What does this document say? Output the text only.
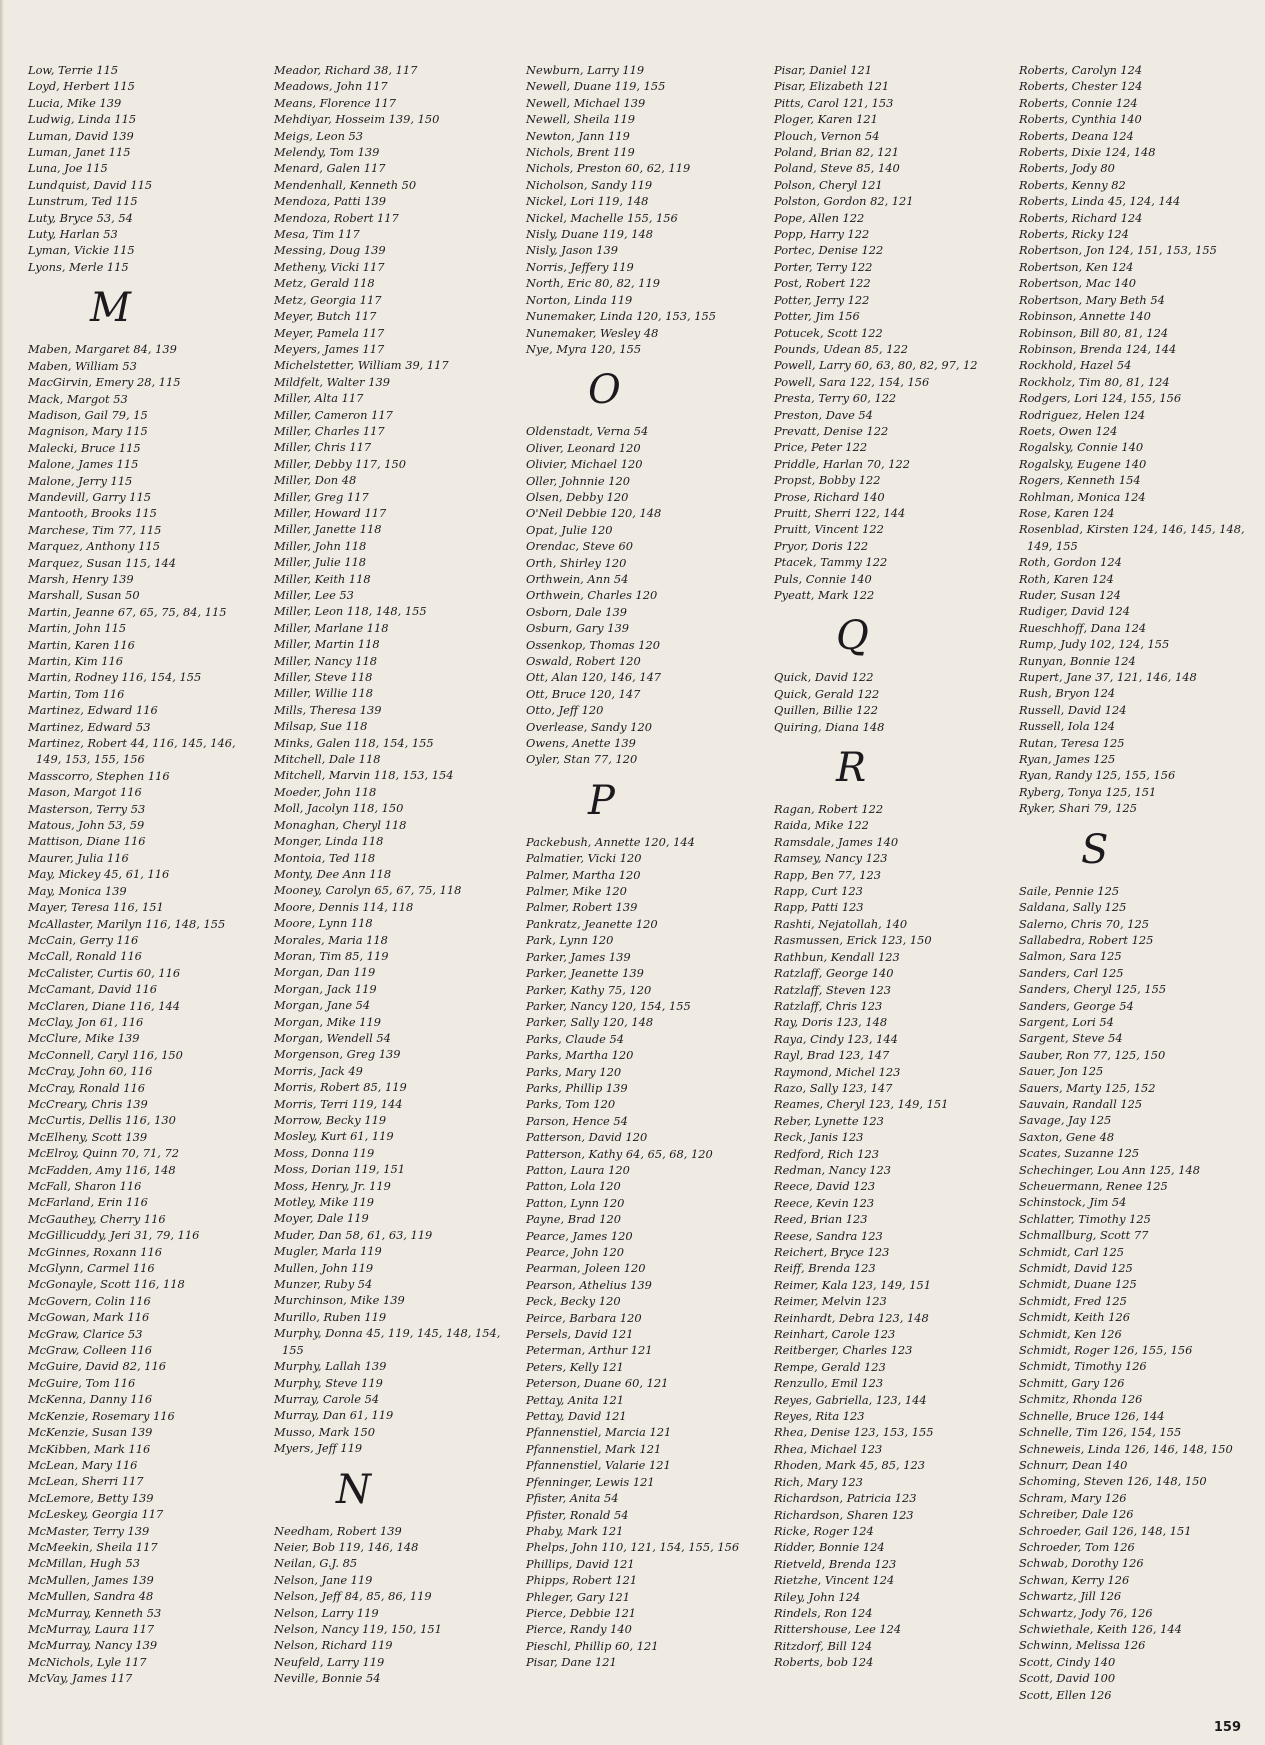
Low, Terrie 115
Loyd, Herbert 115
Lucia, Mike 139
Ludwig, Linda 115
Luman, David 139
Luman, Janet 115
Luna, Joe 115
Lundquist, David 115
Lunstrum, Ted 115
Luty, Bryce 53, 54
Luty, Harlan 53
Lyman, Vickie 115
Lyons, Merle 115
M
Maben, Margaret 84, 139
Maben, William 53
MacGirvin, Emery 28, 115
Mack, Margot 53
Madison, Gail 79, 15
Magnison, Mary 115
Malecki, Bruce 115
Malone, James 115
Malone, Jerry 115
Mandevill, Garry 115
Mantooth, Brooks 115
Marchese, Tim 77, 115
Marquez, Anthony 115
Marquez, Susan 115, 144
Marsh, Henry 139
Marshall, Susan 50
Martin, Jeanne 67, 65, 75, 84, 115
Martin, John 115
Martin, Karen 116
Martin, Kim 116
Martin, Rodney 116, 154, 155
Martin, Tom 116
Martinez, Edward 116
Martinez, Edward 53
Martinez, Robert 44, 116, 145, 146,
149, 153, 155, 156
Masscorro, Stephen 116
Mason, Margot 116
Masterson, Terry 53
Matous, John 53, 59
Mattison, Diane 116
Maurer, Julia 116
May, Mickey 45, 61, 116
May, Monica 139
Mayer, Teresa 116, 151
McAllaster, Marilyn 116, 148, 155
McCain, Gerry 116
McCall, Ronald 116
McCalister, Curtis 60, 116
McCamant, David 116
McClaren, Diane 116, 144
McClay, Jon 61, 116
McClure, Mike 139
McConnell, Caryl 116, 150
McCray, John 60, 116
McCray, Ronald 116
McCreary, Chris 139
McCurtis, Dellis 116, 130
McElheny, Scott 139
McElroy, Quinn 70, 71, 72
McFadden, Amy 116, 148
McFall, Sharon 116
McFarland, Erin 116
McGauthey, Cherry 116
McGillicuddy, Jeri 31, 79, 116
McGinnes, Roxann 116
McGlynn, Carmel 116
McGonayle, Scott 116, 118
McGovern, Colin 116
McGowan, Mark 116
McGraw, Clarice 53
McGraw, Colleen 116
McGuire, David 82, 116
McGuire, Tom 116
McKenna, Danny 116
McKenzie, Rosemary 116
McKenzie, Susan 139
McKibben, Mark 116
McLean, Mary 116
McLean, Sherri 117
McLemore, Betty 139
McLeskey, Georgia 117
McMaster, Terry 139
McMeekin, Sheila 117
McMillan, Hugh 53
McMullen, James 139
McMullen, Sandra 48
McMurray, Kenneth 53
McMurray, Laura 117
McMurray, Nancy 139
McNichols, Lyle 117
McVay, James 117
Meador, Richard 38, 117
Meadows, John 117
Means, Florence 117
Mehdiyar, Hosseim 139, 150
Meigs, Leon 53
Melendy, Tom 139
Menard, Galen 117
Mendenhall, Kenneth 50
Mendoza, Patti 139
Mendoza, Robert 117
Mesa, Tim 117
Messing, Doug 139
Metheny, Vicki 117
Metz, Gerald 118
Metz, Georgia 117
Meyer, Butch 117
Meyer, Pamela 117
Meyers, James 117
Michelstetter, William 39, 117
Mildfelt, Walter 139
Miller, Alta 117
Miller, Cameron 117
Miller, Charles 117
Miller, Chris 117
Miller, Debby 117, 150
Miller, Don 48
Miller, Greg 117
Miller, Howard 117
Miller, Janette 118
Miller, John 118
Miller, Julie 118
Miller, Keith 118
Miller, Lee 53
Miller, Leon 118, 148, 155
Miller, Marlane 118
Miller, Martin 118
Miller, Nancy 118
Miller, Steve 118
Miller, Willie 118
Mills, Theresa 139
Milsap, Sue 118
Minks, Galen 118, 154, 155
Mitchell, Dale 118
Mitchell, Marvin 118, 153, 154
Moeder, John 118
Moll, Jacolyn 118, 150
Monaghan, Cheryl 118
Monger, Linda 118
Montoia, Ted 118
Monty, Dee Ann 118
Mooney, Carolyn 65, 67, 75, 118
Moore, Dennis 114, 118
Moore, Lynn 118
Morales, Maria 118
Moran, Tim 85, 119
Morgan, Dan 119
Morgan, Jack 119
Morgan, Jane 54
Morgan, Mike 119
Morgan, Wendell 54
Morgenson, Greg 139
Morris, Jack 49
Morris, Robert 85, 119
Morris, Terri 119, 144
Morrow, Becky 119
Mosley, Kurt 61, 119
Moss, Donna 119
Moss, Dorian 119, 151
Moss, Henry, Jr. 119
Motley, Mike 119
Moyer, Dale 119
Muder, Dan 58, 61, 63, 119
Mugler, Marla 119
Mullen, John 119
Munzer, Ruby 54
Murchinson, Mike 139
Murillo, Ruben 119
Murphy, Donna 45, 119, 145, 148, 154,
155
Murphy, Lallah 139
Murphy, Steve 119
Murray, Carole 54
Murray, Dan 61, 119
Musso, Mark 150
Myers, Jeff 119
N
Needham, Robert 139
Neier, Bob 119, 146, 148
Neilan, G.J. 85
Nelson, Jane 119
Nelson, Jeff 84, 85, 86, 119
Nelson, Larry 119
Nelson, Nancy 119, 150, 151
Nelson, Richard 119
Neufeld, Larry 119
Neville, Bonnie 54
Newburn, Larry 119
Newell, Duane 119, 155
Newell, Michael 139
Newell, Sheila 119
Newton, Jann 119
Nichols, Brent 119
Nichols, Preston 60, 62, 119
Nicholson, Sandy 119
Nickel, Lori 119, 148
Nickel, Machelle 155, 156
Nisly, Duane 119, 148
Nisly, Jason 139
Norris, Jeffery 119
North, Eric 80, 82, 119
Norton, Linda 119
Nunemaker, Linda 120, 153, 155
Nunemaker, Wesley 48
Nye, Myra 120, 155
O
Oldenstadt, Verna 54
Oliver, Leonard 120
Olivier, Michael 120
Oller, Johnnie 120
Olsen, Debby 120
O'Neil Debbie 120, 148
Opat, Julie 120
Orendac, Steve 60
Orth, Shirley 120
Orthwein, Ann 54
Orthwein, Charles 120
Osborn, Dale 139
Osburn, Gary 139
Ossenkop, Thomas 120
Oswald, Robert 120
Ott, Alan 120, 146, 147
Ott, Bruce 120, 147
Otto, Jeff 120
Overlease, Sandy 120
Owens, Anette 139
Oyler, Stan 77, 120
P
Packebush, Annette 120, 144
Palmatier, Vicki 120
Palmer, Martha 120
Palmer, Mike 120
Palmer, Robert 139
Pankratz, Jeanette 120
Park, Lynn 120
Parker, James 139
Parker, Jeanette 139
Parker, Kathy 75, 120
Parker, Nancy 120, 154, 155
Parker, Sally 120, 148
Parks, Claude 54
Parks, Martha 120
Parks, Mary 120
Parks, Phillip 139
Parks, Tom 120
Parson, Hence 54
Patterson, David 120
Patterson, Kathy 64, 65, 68, 120
Patton, Laura 120
Patton, Lola 120
Patton, Lynn 120
Payne, Brad 120
Pearce, James 120
Pearce, John 120
Pearman, Joleen 120
Pearson, Athelius 139
Peck, Becky 120
Peirce, Barbara 120
Persels, David 121
Peterman, Arthur 121
Peters, Kelly 121
Peterson, Duane 60, 121
Pettay, Anita 121
Pettay, David 121
Pfannenstiel, Marcia 121
Pfannenstiel, Mark 121
Pfannenstiel, Valarie 121
Pfenninger, Lewis 121
Pfister, Anita 54
Pfister, Ronald 54
Phaby, Mark 121
Phelps, John 110, 121, 154, 155, 156
Phillips, David 121
Phipps, Robert 121
Phleger, Gary 121
Pierce, Debbie 121
Pierce, Randy 140
Pieschl, Phillip 60, 121
Pisar, Dane 121
Pisar, Daniel 121
Pisar, Elizabeth 121
Pitts, Carol 121, 153
Ploger, Karen 121
Plouch, Vernon 54
Poland, Brian 82, 121
Poland, Steve 85, 140
Polson, Cheryl 121
Polston, Gordon 82, 121
Pope, Allen 122
Popp, Harry 122
Portec, Denise 122
Porter, Terry 122
Post, Robert 122
Potter, Jerry 122
Potter, Jim 156
Potucek, Scott 122
Pounds, Udean 85, 122
Powell, Larry 60, 63, 80, 82, 97, 12
Powell, Sara 122, 154, 156
Presta, Terry 60, 122
Preston, Dave 54
Prevatt, Denise 122
Price, Peter 122
Priddle, Harlan 70, 122
Propst, Bobby 122
Prose, Richard 140
Pruitt, Sherri 122, 144
Pruitt, Vincent 122
Pryor, Doris 122
Ptacek, Tammy 122
Puls, Connie 140
Pyeatt, Mark 122
Q
Quick, David 122
Quick, Gerald 122
Quillen, Billie 122
Quiring, Diana 148
R
Ragan, Robert 122
Raida, Mike 122
Ramsdale, James 140
Ramsey, Nancy 123
Rapp, Ben 77, 123
Rapp, Curt 123
Rapp, Patti 123
Rashti, Nejatollah, 140
Rasmussen, Erick 123, 150
Rathbun, Kendall 123
Ratzlaff, George 140
Ratzlaff, Steven 123
Ratzlaff, Chris 123
Ray, Doris 123, 148
Raya, Cindy 123, 144
Rayl, Brad 123, 147
Raymond, Michel 123
Razo, Sally 123, 147
Reames, Cheryl 123, 149, 151
Reber, Lynette 123
Reck, Janis 123
Redford, Rich 123
Redman, Nancy 123
Reece, David 123
Reece, Kevin 123
Reed, Brian 123
Reese, Sandra 123
Reichert, Bryce 123
Reiff, Brenda 123
Reimer, Kala 123, 149, 151
Reimer, Melvin 123
Reinhardt, Debra 123, 148
Reinhart, Carole 123
Reitberger, Charles 123
Rempe, Gerald 123
Renzullo, Emil 123
Reyes, Gabriella, 123, 144
Reyes, Rita 123
Rhea, Denise 123, 153, 155
Rhea, Michael 123
Rhoden, Mark 45, 85, 123
Rich, Mary 123
Richardson, Patricia 123
Richardson, Sharen 123
Ricke, Roger 124
Ridder, Bonnie 124
Rietveld, Brenda 123
Rietzhe, Vincent 124
Riley, John 124
Rindels, Ron 124
Rittershouse, Lee 124
Ritzdorf, Bill 124
Roberts, bob 124
Roberts, Carolyn 124
Roberts, Chester 124
Roberts, Connie 124
Roberts, Cynthia 140
Roberts, Deana 124
Roberts, Dixie 124, 148
Roberts, Jody 80
Roberts, Kenny 82
Roberts, Linda 45, 124, 144
Roberts, Richard 124
Roberts, Ricky 124
Robertson, Jon 124, 151, 153, 155
Robertson, Ken 124
Robertson, Mac 140
Robertson, Mary Beth 54
Robinson, Annette 140
Robinson, Bill 80, 81, 124
Robinson, Brenda 124, 144
Rockhold, Hazel 54
Rockholz, Tim 80, 81, 124
Rodgers, Lori 124, 155, 156
Rodriguez, Helen 124
Roets, Owen 124
Rogalsky, Connie 140
Rogalsky, Eugene 140
Rogers, Kenneth 154
Rohlman, Monica 124
Rose, Karen 124
Rosenblad, Kirsten 124, 146, 145, 148,
149, 155
Roth, Gordon 124
Roth, Karen 124
Ruder, Susan 124
Rudiger, David 124
Rueschhoff, Dana 124
Rump, Judy 102, 124, 155
Runyan, Bonnie 124
Rupert, Jane 37, 121, 146, 148
Rush, Bryon 124
Russell, David 124
Russell, Iola 124
Rutan, Teresa 125
Ryan, James 125
Ryan, Randy 125, 155, 156
Ryberg, Tonya 125, 151
Ryker, Shari 79, 125
S
Saile, Pennie 125
Saldana, Sally 125
Salerno, Chris 70, 125
Sallabedra, Robert 125
Salmon, Sara 125
Sanders, Carl 125
Sanders, Cheryl 125, 155
Sanders, George 54
Sargent, Lori 54
Sargent, Steve 54
Sauber, Ron 77, 125, 150
Sauer, Jon 125
Sauers, Marty 125, 152
Sauvain, Randall 125
Savage, Jay 125
Saxton, Gene 48
Scates, Suzanne 125
Schechinger, Lou Ann 125, 148
Scheuermann, Renee 125
Schinstock, Jim 54
Schlatter, Timothy 125
Schmallburg, Scott 77
Schmidt, Carl 125
Schmidt, David 125
Schmidt, Duane 125
Schmidt, Fred 125
Schmidt, Keith 126
Schmidt, Ken 126
Schmidt, Roger 126, 155, 156
Schmidt, Timothy 126
Schmitt, Gary 126
Schmitz, Rhonda 126
Schnelle, Bruce 126, 144
Schnelle, Tim 126, 154, 155
Schneweis, Linda 126, 146, 148, 150
Schnurr, Dean 140
Schoming, Steven 126, 148, 150
Schram, Mary 126
Schreiber, Dale 126
Schroeder, Gail 126, 148, 151
Schroeder, Tom 126
Schwab, Dorothy 126
Schwan, Kerry 126
Schwartz, Jill 126
Schwartz, Jody 76, 126
Schwiethale, Keith 126, 144
Schwinn, Melissa 126
Scott, Cindy 140
Scott, David 100
Scott, Ellen 126
159
